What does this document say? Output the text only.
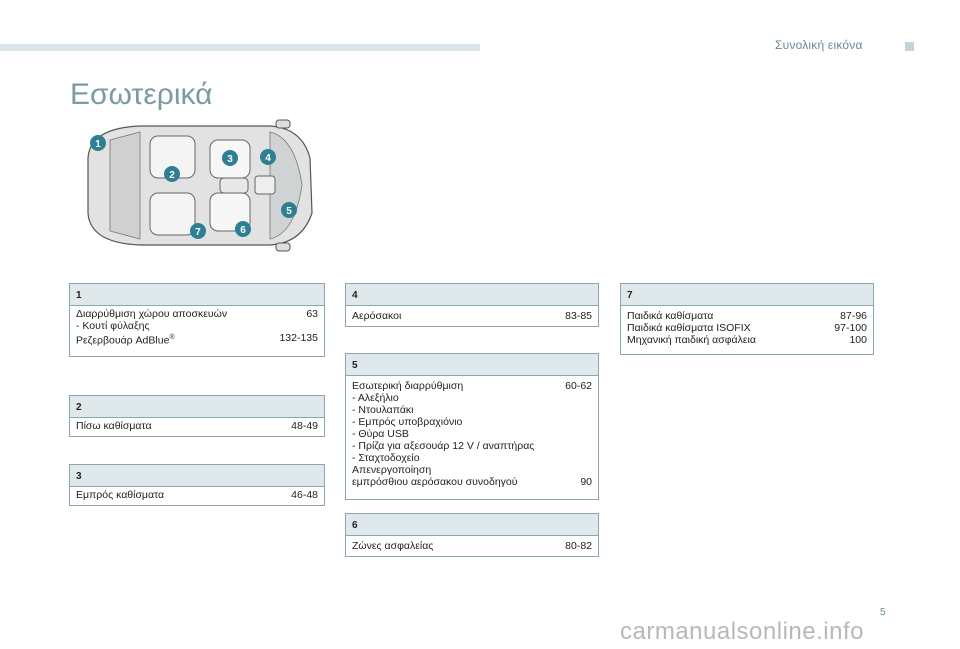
Συνολική εικόνα
Εσωτερικά
1
2
3	4
5
6
7
1
Διαρρύθμιση χώρου αποσκευών	63
- Κουτί φύλαξης
Ρεζερβουάρ AdBlue®	132-135
2
Πίσω καθίσματα	48-49
3
Εμπρός καθίσματα	46-48
4
Αερόσακοι	83-85
5
Εσωτερική διαρρύθμιση	60-62
- Αλεξήλιο
- Ντουλαπάκι
- Εμπρός υποβραχιόνιο
- Θύρα USB
- Πρίζα για αξεσουάρ 12 V / αναπτήρας
- Σταχτοδοχείο
Απενεργοποίηση
εμπρόσθιου αερόσακου συνοδηγού	90
6
Ζώνες ασφαλείας	80-82
7
Παιδικά καθίσματα	87-96
Παιδικά καθίσματα ISOFIX	97-100
Μηχανική παιδική ασφάλεια	100
5
carmanualsonline.info
